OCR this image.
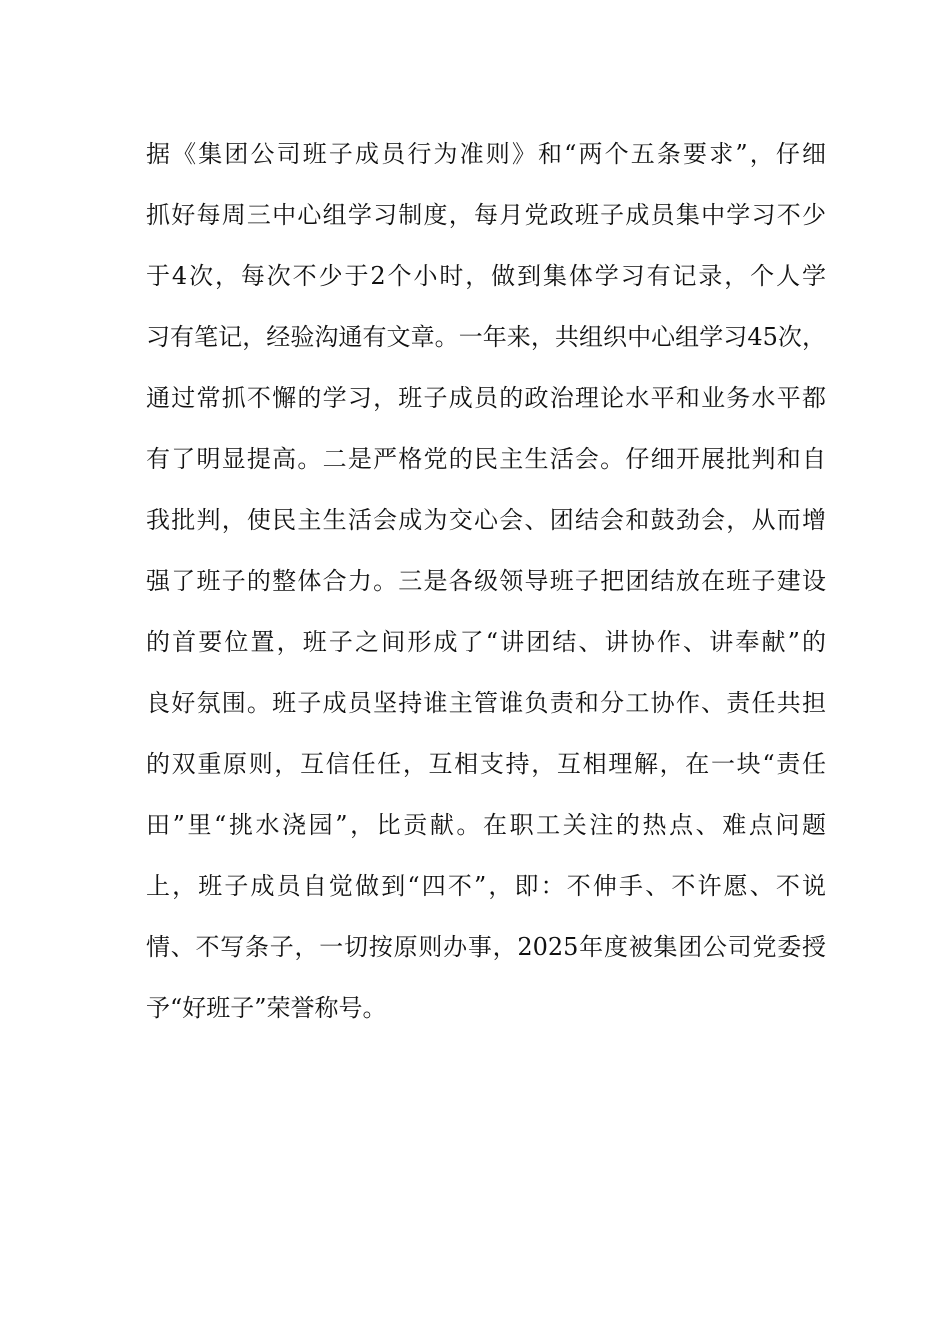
据《集团公司班子成员行为准则》和“两个五条要求”，仔细
抓好每周三中心组学习制度，每月党政班子成员集中学习不少
于4次，每次不少于2个小时，做到集体学习有记录，个人学
习有笔记，经验沟通有文章。一年来，共组织中心组学习45次，
通过常抓不懈的学习，班子成员的政治理论水平和业务水平都
有了明显提高。二是严格党的民主生活会。仔细开展批判和自
我批判，使民主生活会成为交心会、团结会和鼓劲会，从而增
强了班子的整体合力。三是各级领导班子把团结放在班子建设
的首要位置，班子之间形成了“讲团结、讲协作、讲奉献”的
良好氛围。班子成员坚持谁主管谁负责和分工协作、责任共担
的双重原则，互信任任，互相支持，互相理解，在一块“责任
田”里“挑水浇园”，比贡献。在职工关注的热点、难点问题
上，班子成员自觉做到“四不”，即：不伸手、不许愿、不说
情、不写条子，一切按原则办事，2025年度被集团公司党委授
予“好班子”荣誉称号。
